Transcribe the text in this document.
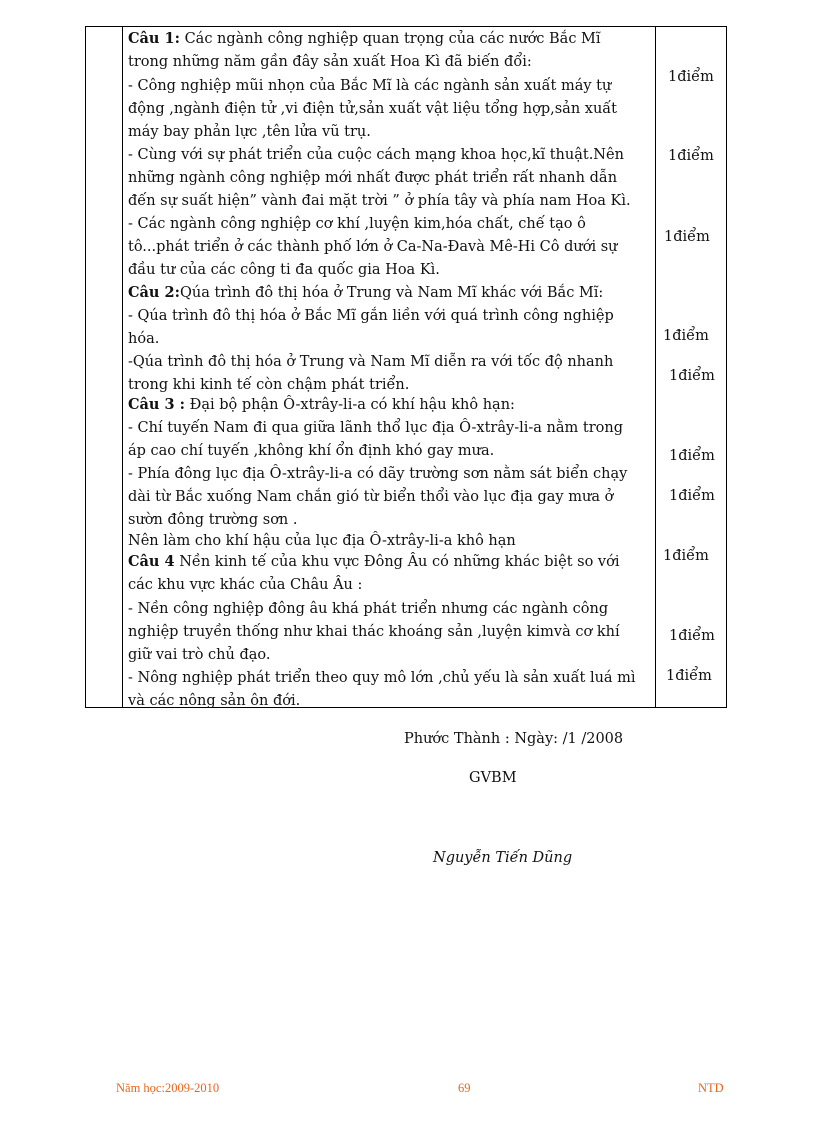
Câu 1: Các ngành công nghiệp quan trọng của các nước Bắc Mĩ
trong những năm gần đây sản xuất Hoa Kì đã biến đổi:
- Công nghiệp mũi nhọn của Bắc Mĩ là các ngành sản xuất máy tự
động ,ngành điện tử ,vi điện tử,sản xuất vật liệu tổng hợp,sản xuất
máy bay phản lực ,tên lửa vũ trụ.
- Cùng với sự phát triển của cuộc cách mạng khoa học,kĩ thuật.Nên
những ngành công nghiệp mới nhất được phát triển rất nhanh dẫn
đến sự suất hiện” vành đai mặt trời ” ở phía tây và phía nam Hoa Kì.
- Các ngành công nghiệp cơ khí ,luyện kim,hóa chất, chế tạo ô
tô...phát triển ở các thành phố lớn ở Ca-Na-Đavà Mê-Hi Cô dưới sự
đầu tư của các công ti đa quốc gia Hoa Kì.
Câu 2:Qúa trình đô thị hóa ở Trung và Nam Mĩ khác với Bắc Mĩ:
- Qúa trình đô thị hóa ở Bắc Mĩ gắn liền với quá trình công nghiệp
hóa.
-Qúa trình đô thị hóa ở Trung và Nam Mĩ diễn ra với tốc độ nhanh
trong khi kinh tế còn chậm phát triển.
Câu 3 : Đại bộ phận Ô-xtrây-li-a có khí hậu khô hạn:
- Chí tuyến Nam đi qua giữa lãnh thổ lục địa Ô-xtrây-li-a nằm trong
áp cao chí tuyến ,không khí ổn định khó gay mưa.
- Phía đông lục địa Ô-xtrây-li-a có dãy trường sơn nằm sát biển chạy
dài từ Bắc xuống Nam chắn gió từ biển thổi vào lục địa gay mưa ở
sườn đông trường sơn .
Nên làm cho khí hậu của lục địa Ô-xtrây-li-a khô hạn
Câu 4 Nền kinh tế của khu vực Đông Âu có những khác biệt so với
các khu vực khác của Châu Âu :
- Nền công nghiệp đông âu khá phát triển nhưng các ngành công
nghiệp truyền thống như khai thác khoáng sản ,luyện kimvà cơ khí
giữ vai trò chủ đạo.
- Nông nghiệp phát triển theo quy mô lớn ,chủ yếu là sản xuất luá mì
và các nông sản ôn đới.
1điểm
1điểm
1điểm
1điểm
1điểm
1điểm
1điểm
1điểm
1điểm
1điểm
Phước Thành : Ngày: /1 /2008
GVBM
Nguyễn Tiến Dũng
Năm học:2009-2010	69	NTD
